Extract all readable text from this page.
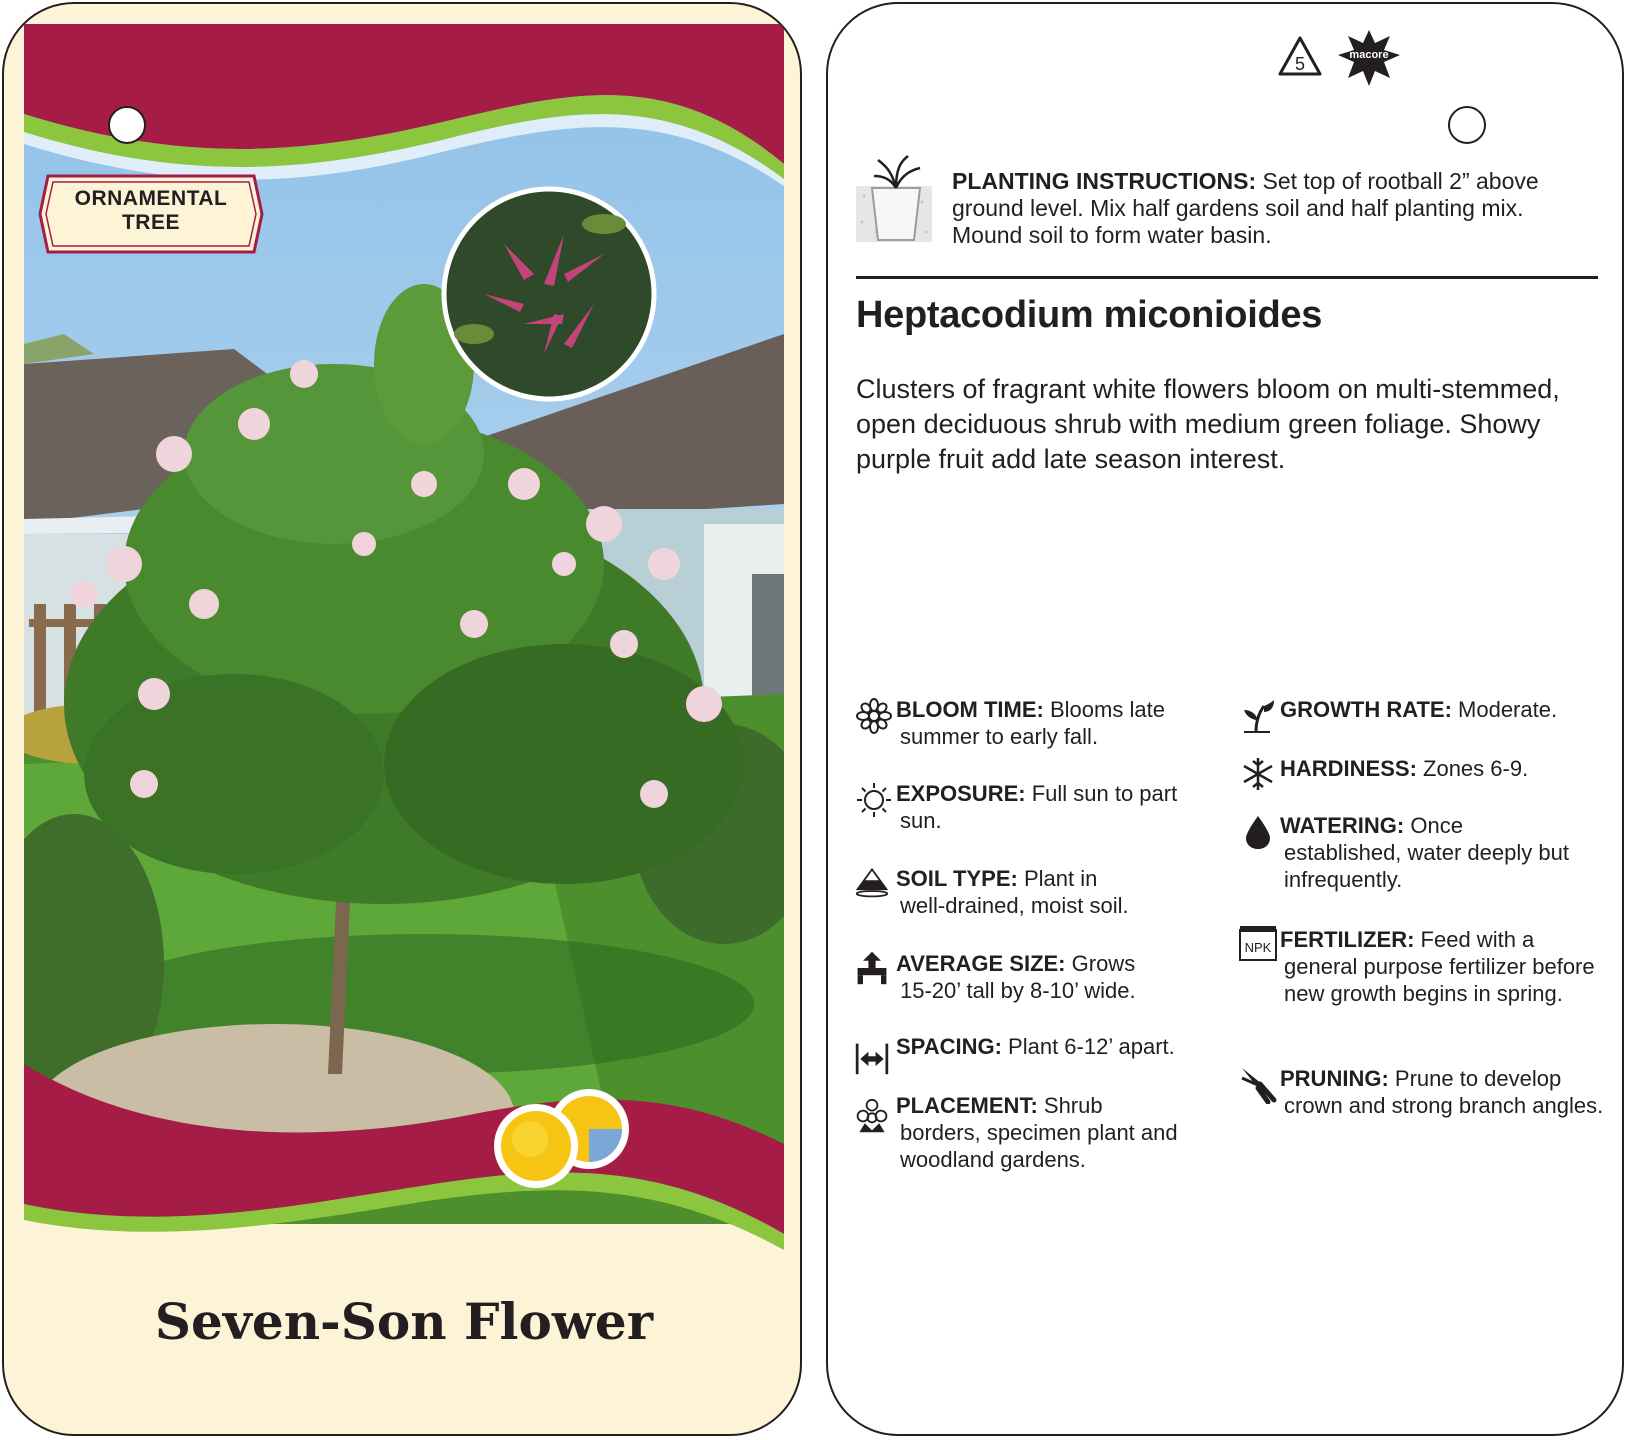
ORNAMENTAL
TREE
Seven-Son Flower
5	macore
PLANTING INSTRUCTIONS: Set top of rootball 2” above ground level. Mix half gardens soil and half planting mix. Mound soil to form water basin.
Heptacodium miconioides
Clusters of fragrant white flowers bloom on multi-stemmed, open deciduous shrub with medium green foliage. Showy purple fruit add late season interest.
BLOOM TIME: Blooms late
summer to early fall.
EXPOSURE: Full sun to part
sun.
SOIL TYPE: Plant in
well-drained, moist soil.
AVERAGE SIZE: Grows
15-20’ tall by 8-10’ wide.
SPACING: Plant 6-12’ apart.
PLACEMENT: Shrub
borders, specimen plant and woodland gardens.
GROWTH RATE: Moderate.
HARDINESS: Zones 6-9.
WATERING: Once
established, water deeply but infrequently.
NPK FERTILIZER: Feed with a
general purpose fertilizer before new growth begins in spring.
PRUNING: Prune to develop
crown and strong branch angles.
